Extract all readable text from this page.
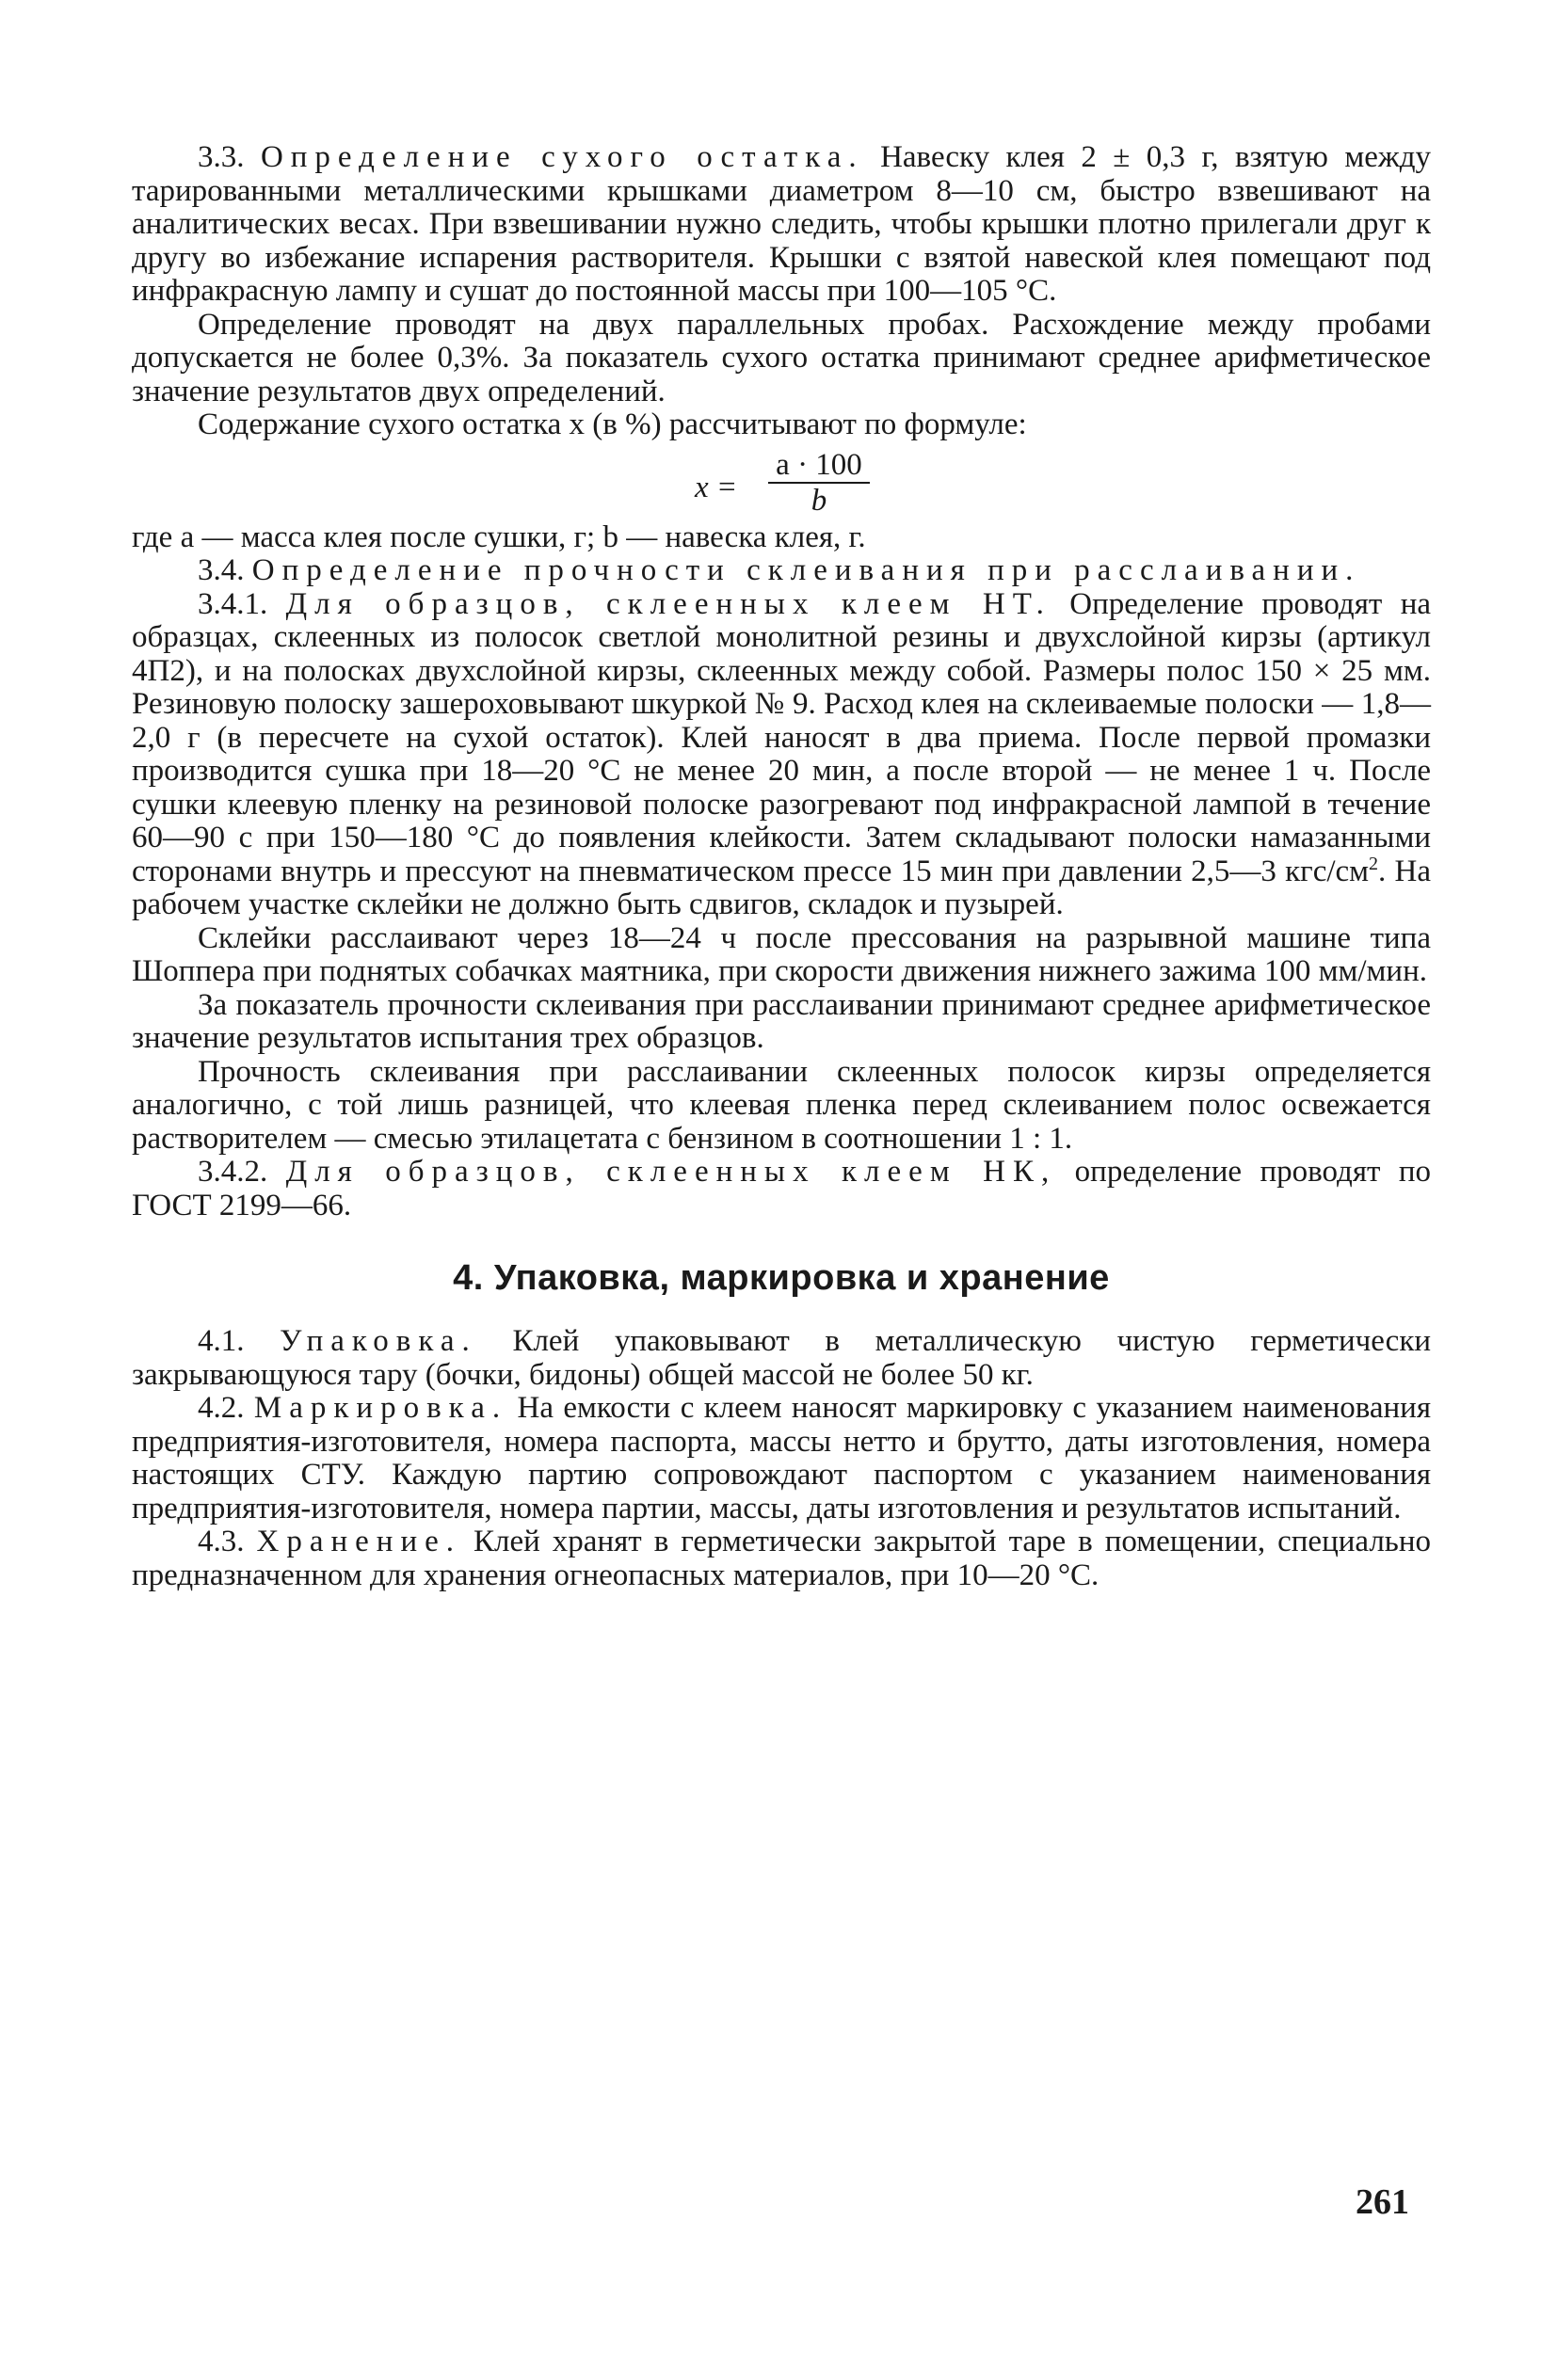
3.3. Определение сухого остатка. Навеску клея 2 ± 0,3 г, взятую между тарированными металлическими крышками диаметром 8—10 см, быстро взвешивают на аналитических весах. При взвешивании нужно следить, чтобы крышки плотно прилегали друг к другу во избежание испарения растворителя. Крышки с взятой навеской клея помещают под инфракрасную лампу и сушат до постоянной массы при 100—105 °С.

Определение проводят на двух параллельных пробах. Расхождение между пробами допускается не более 0,3%. За показатель сухого остатка принимают среднее арифметическое значение результатов двух определений.

Содержание сухого остатка x (в %) рассчитывают по формуле:

x =
a · 100
b

где a — масса клея после сушки, г; b — навеска клея, г.

3.4. Определение прочности склеивания при расслаивании.

3.4.1. Для образцов, склеенных клеем НТ. Определение проводят на образцах, склеенных из полосок светлой монолитной резины и двухслойной кирзы (артикул 4П2), и на полосках двухслойной кирзы, склеенных между собой. Размеры полос 150 × 25 мм. Резиновую полоску зашероховывают шкуркой № 9. Расход клея на склеиваемые полоски — 1,8—2,0 г (в пересчете на сухой остаток). Клей наносят в два приема. После первой промазки производится сушка при 18—20 °С не менее 20 мин, а после второй — не менее 1 ч. После сушки клеевую пленку на резиновой полоске разогревают под инфракрасной лампой в течение 60—90 с при 150—180 °С до появления клейкости. Затем складывают полоски намазанными сторонами внутрь и прессуют на пневматическом прессе 15 мин при давлении 2,5—3 кгс/$см^2$. На рабочем участке склейки не должно быть сдвигов, складок и пузырей.

Склейки расслаивают через 18—24 ч после прессования на разрывной машине типа Шоппера при поднятых собачках маятника, при скорости движения нижнего зажима 100 мм/мин.

За показатель прочности склеивания при расслаивании принимают среднее арифметическое значение результатов испытания трех образцов.

Прочность склеивания при расслаивании склеенных полосок кирзы определяется аналогично, с той лишь разницей, что клеевая пленка перед склеиванием полос освежается растворителем — смесью этилацетата с бензином в соотношении 1 : 1.

3.4.2. Для образцов, склеенных клеем НК, определение проводят по ГОСТ 2199—66.

4. Упаковка, маркировка и хранение

4.1. Упаковка. Клей упаковывают в металлическую чистую герметически закрывающуюся тару (бочки, бидоны) общей массой не более 50 кг.

4.2. Маркировка. На емкости с клеем наносят маркировку с указанием наименования предприятия-изготовителя, номера паспорта, массы нетто и брутто, даты изготовления, номера настоящих СТУ. Каждую партию сопровождают паспортом с указанием наименования предприятия-изготовителя, номера партии, массы, даты изготовления и результатов испытаний.

4.3. Хранение. Клей хранят в герметически закрытой таре в помещении, специально предназначенном для хранения огнеопасных материалов, при 10—20 °С.

261
